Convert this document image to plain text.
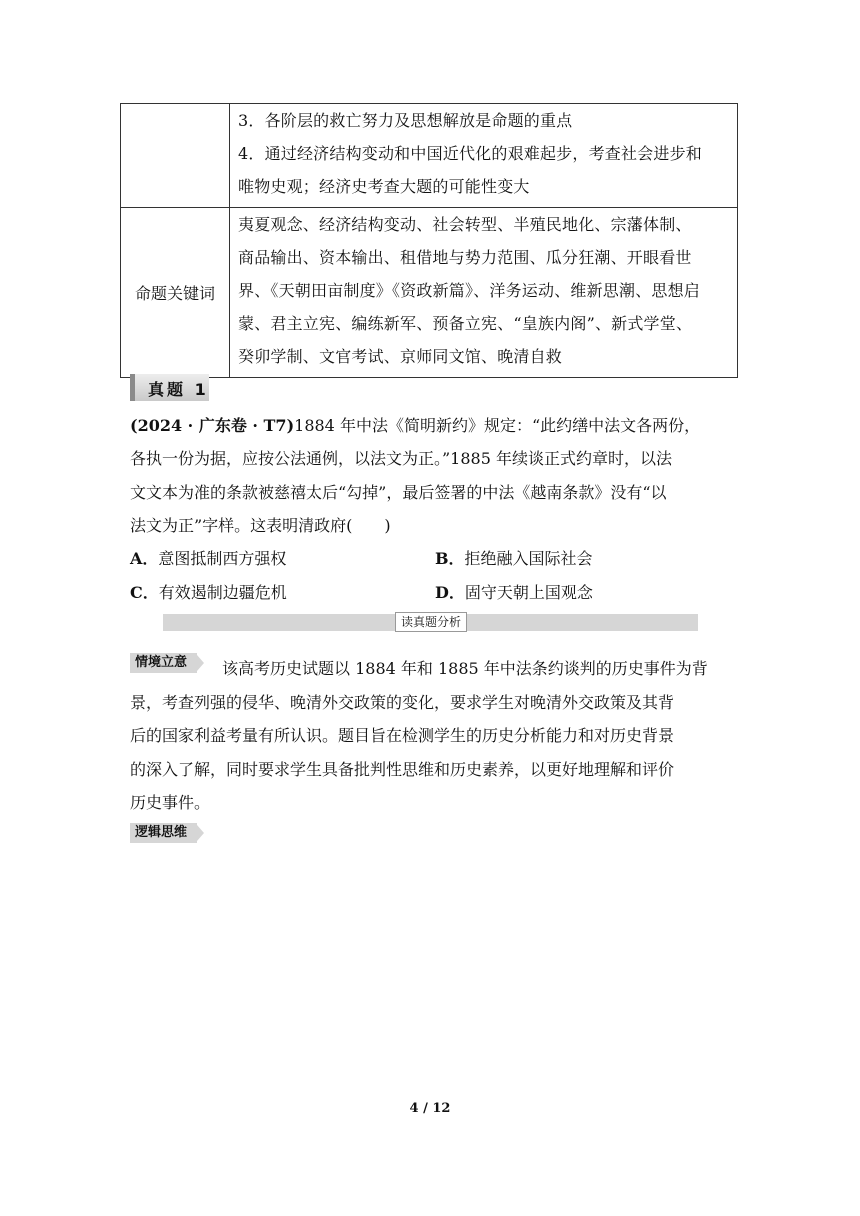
	3．各阶层的救亡努力及思想解放是命题的重点
4．通过经济结构变动和中国近代化的艰难起步，考查社会进步和
唯物史观；经济史考查大题的可能性变大

命题关键词	夷夏观念、经济结构变动、社会转型、半殖民地化、宗藩体制、
商品输出、资本输出、租借地与势力范围、瓜分狂潮、开眼看世
界、《天朝田亩制度》《资政新篇》、洋务运动、维新思潮、思想启
蒙、君主立宪、编练新军、预备立宪、“皇族内阁”、新式学堂、
癸卯学制、文官考试、京师同文馆、晚清自救
真题 1
(2024 · 广东卷 · T7)1884 年中法《简明新约》规定：“此约缮中法文各两份，
各执一份为据，应按公法通例，以法文为正。”1885 年续谈正式约章时，以法
文文本为准的条款被慈禧太后“勾掉”，最后签署的中法《越南条款》没有“以
法文为正”字样。这表明清政府(　　)
A．意图抵制西方强权	B．拒绝融入国际社会
C．有效遏制边疆危机	D．固守天朝上国观念
读真题分析
情境立意	该高考历史试题以 1884 年和 1885 年中法条约谈判的历史事件为背
景，考查列强的侵华、晚清外交政策的变化，要求学生对晚清外交政策及其背
后的国家利益考量有所认识。题目旨在检测学生的历史分析能力和对历史背景
的深入了解，同时要求学生具备批判性思维和历史素养，以更好地理解和评价
历史事件。
逻辑思维
4 / 12
